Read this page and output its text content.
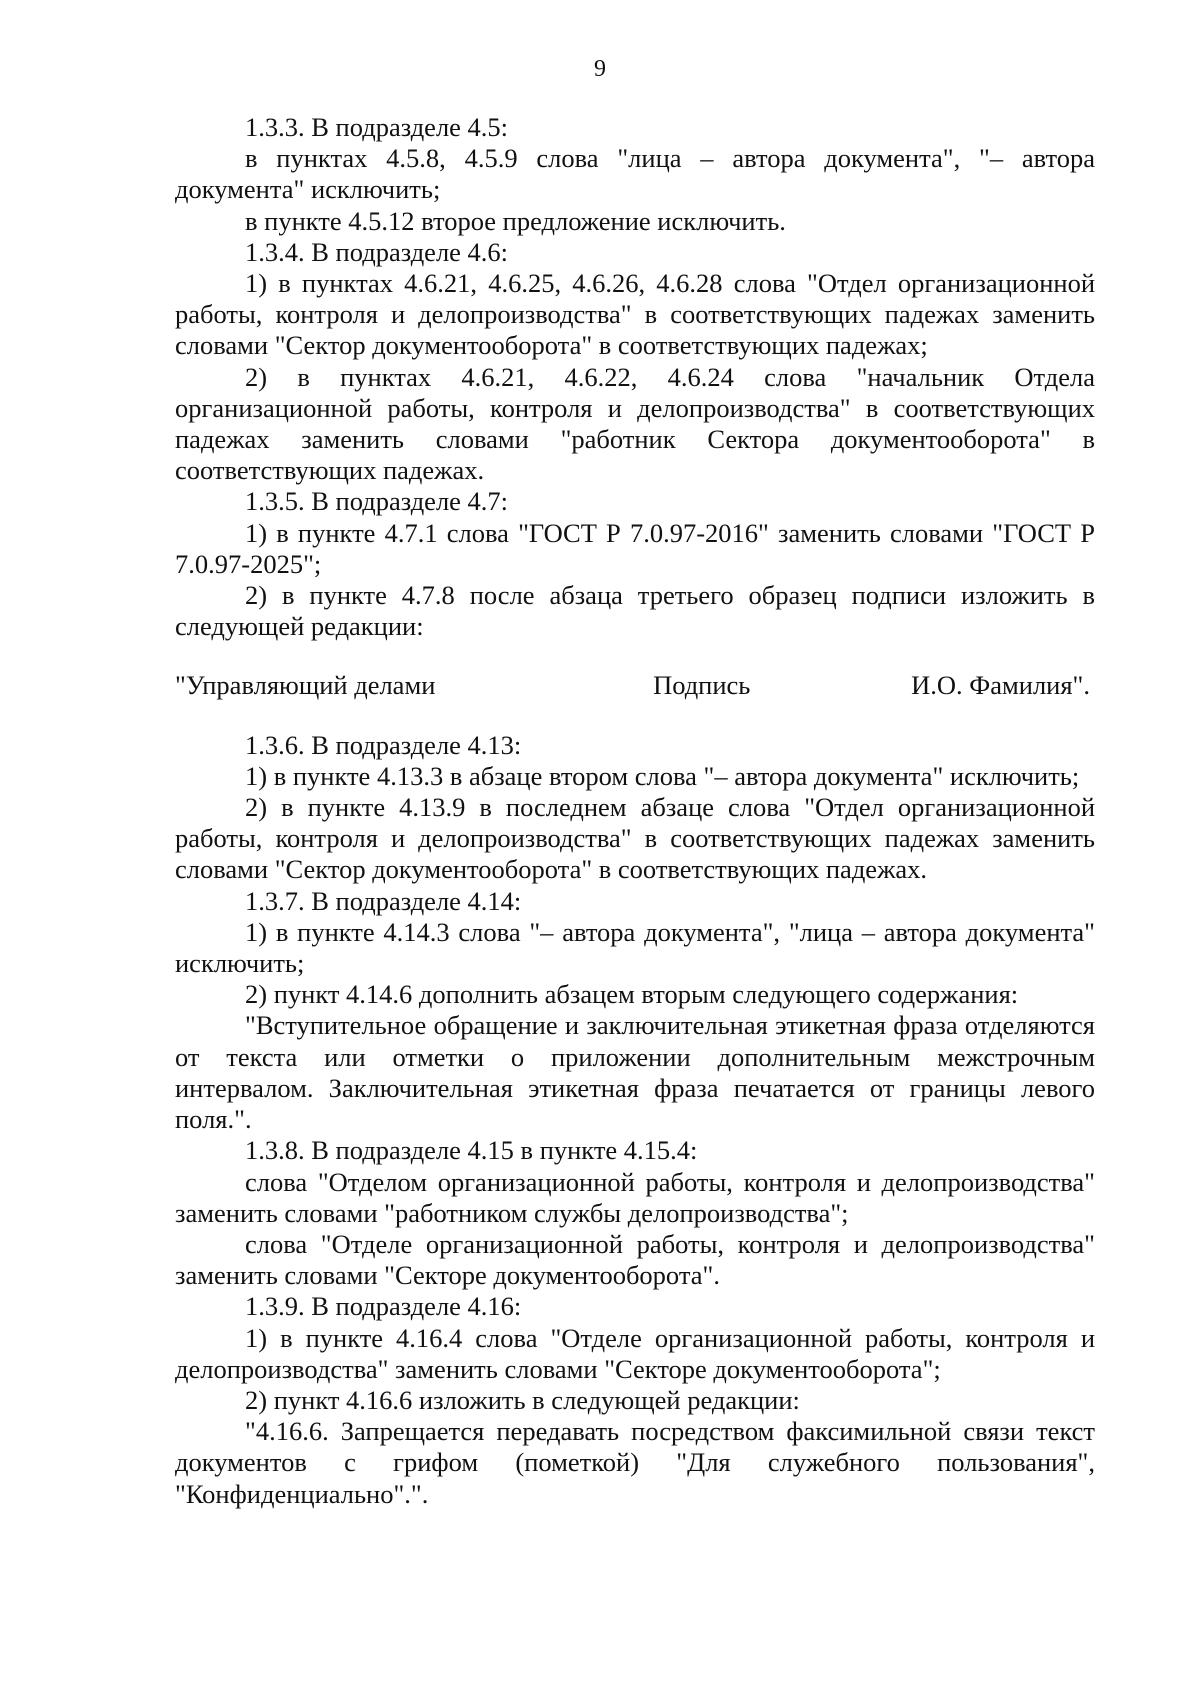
9

1.3.3. В подразделе 4.5:

в пунктах 4.5.8, 4.5.9 слова "лица – автора документа", "– автора документа" исключить;

в пункте 4.5.12 второе предложение исключить.

1.3.4. В подразделе 4.6:

1) в пунктах 4.6.21, 4.6.25, 4.6.26, 4.6.28 слова "Отдел организационной работы, контроля и делопроизводства" в соответствующих падежах заменить словами "Сектор документооборота" в соответствующих падежах;

2) в пунктах 4.6.21, 4.6.22, 4.6.24 слова "начальник Отдела организационной работы, контроля и делопроизводства" в соответствующих падежах заменить словами "работник Сектора документооборота" в соответствующих падежах.

1.3.5. В подразделе 4.7:

1) в пункте 4.7.1 слова "ГОСТ Р 7.0.97-2016" заменить словами "ГОСТ Р 7.0.97-2025";

2) в пункте 4.7.8 после абзаца третьего образец подписи изложить в следующей редакции:

"Управляющий делами	Подпись	И.О. Фамилия".

1.3.6. В подразделе 4.13:

1) в пункте 4.13.3 в абзаце втором слова "– автора документа" исключить;

2) в пункте 4.13.9 в последнем абзаце слова "Отдел организационной работы, контроля и делопроизводства" в соответствующих падежах заменить словами "Сектор документооборота" в соответствующих падежах.

1.3.7. В подразделе 4.14:

1) в пункте 4.14.3 слова "– автора документа", "лица – автора документа" исключить;

2) пункт 4.14.6 дополнить абзацем вторым следующего содержания:

"Вступительное обращение и заключительная этикетная фраза отделяются от текста или отметки о приложении дополнительным межстрочным интервалом. Заключительная этикетная фраза печатается от границы левого поля.".

1.3.8. В подразделе 4.15 в пункте 4.15.4:

слова "Отделом организационной работы, контроля и делопроизводства" заменить словами "работником службы делопроизводства";

слова "Отделе организационной работы, контроля и делопроизводства" заменить словами "Секторе документооборота".

1.3.9. В подразделе 4.16:

1) в пункте 4.16.4 слова "Отделе организационной работы, контроля и делопроизводства" заменить словами "Секторе документооборота";

2) пункт 4.16.6 изложить в следующей редакции:

"4.16.6. Запрещается передавать посредством факсимильной связи текст документов с грифом (пометкой) "Для служебного пользования", "Конфиденциально".".
